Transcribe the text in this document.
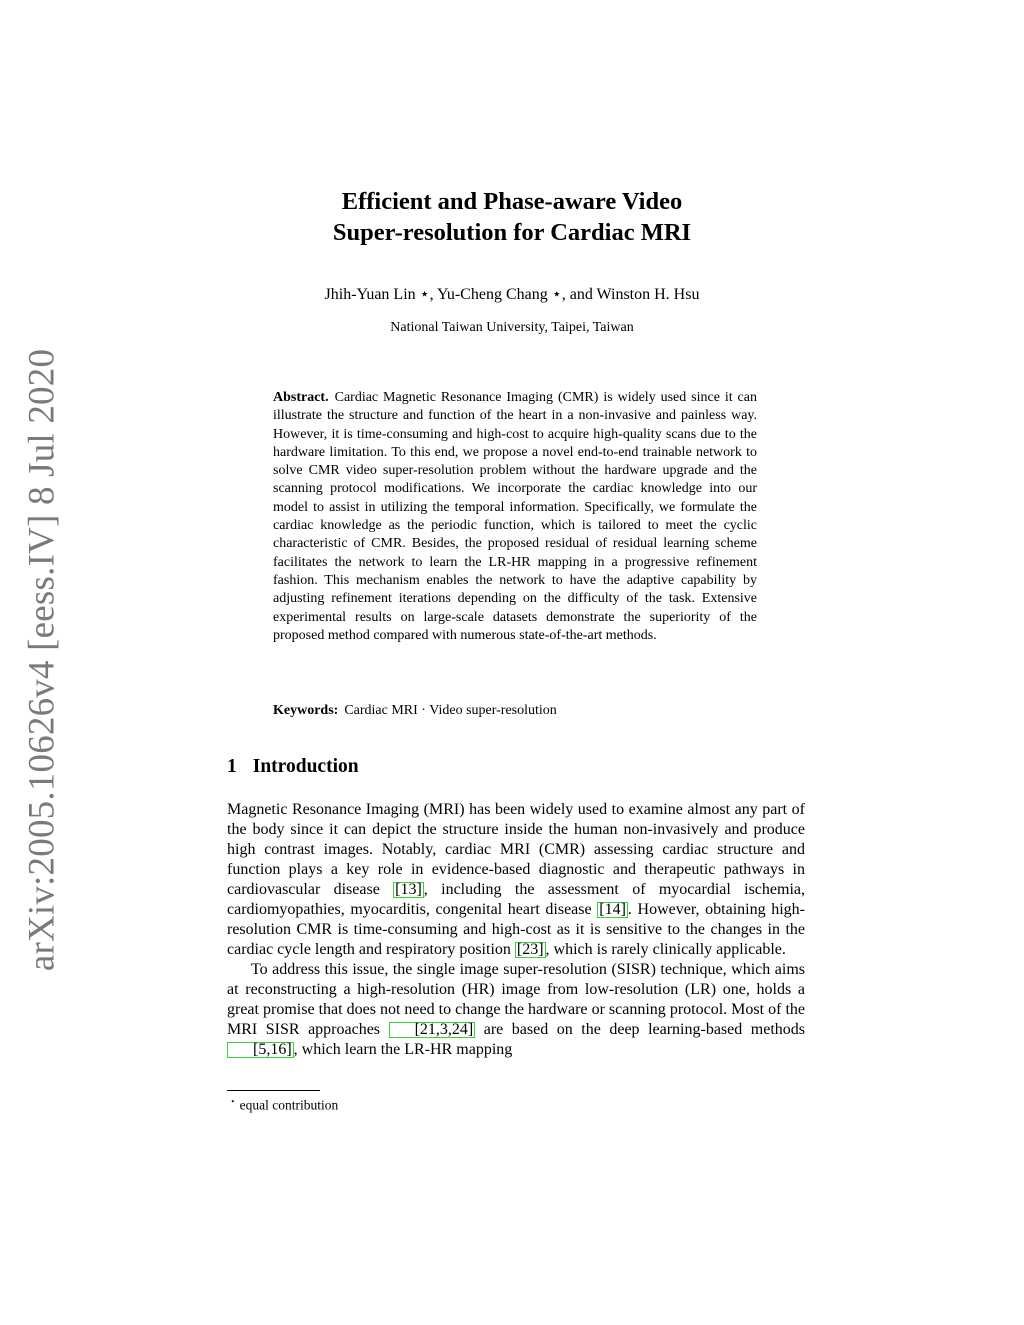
arXiv:2005.10626v4 [eess.IV] 8 Jul 2020
Efficient and Phase-aware Video
Super-resolution for Cardiac MRI
Jhih-Yuan Lin ⋆, Yu-Cheng Chang ⋆, and Winston H. Hsu
National Taiwan University, Taipei, Taiwan
Abstract. Cardiac Magnetic Resonance Imaging (CMR) is widely used since it can illustrate the structure and function of the heart in a non-invasive and painless way. However, it is time-consuming and high-cost to acquire high-quality scans due to the hardware limitation. To this end, we propose a novel end-to-end trainable network to solve CMR video super-resolution problem without the hardware upgrade and the scanning protocol modifications. We incorporate the cardiac knowledge into our model to assist in utilizing the temporal information. Specifically, we formulate the cardiac knowledge as the periodic function, which is tailored to meet the cyclic characteristic of CMR. Besides, the proposed residual of residual learning scheme facilitates the network to learn the LR-HR mapping in a progressive refinement fashion. This mechanism enables the network to have the adaptive capability by adjusting refinement iterations depending on the difficulty of the task. Extensive experimental results on large-scale datasets demonstrate the superiority of the proposed method compared with numerous state-of-the-art methods.
Keywords: Cardiac MRI · Video super-resolution
1 Introduction

Magnetic Resonance Imaging (MRI) has been widely used to examine almost any part of the body since it can depict the structure inside the human non-invasively and produce high contrast images. Notably, cardiac MRI (CMR) assessing cardiac structure and function plays a key role in evidence-based diagnostic and therapeutic pathways in cardiovascular disease [13] , including the assessment of myocardial ischemia, cardiomyopathies, myocarditis, congenital heart disease [14] . However, obtaining high-resolution CMR is time-consuming and high-cost as it is sensitive to the changes in the cardiac cycle length and respiratory position [23] , which is rarely clinically applicable.

To address this issue, the single image super-resolution (SISR) technique, which aims at reconstructing a high-resolution (HR) image from low-resolution (LR) one, holds a great promise that does not need to change the hardware or scanning protocol. Most of the MRI SISR approaches [21,3,24] are based on the deep learning-based methods [5,16] , which learn the LR-HR mapping

⋆ equal contribution
